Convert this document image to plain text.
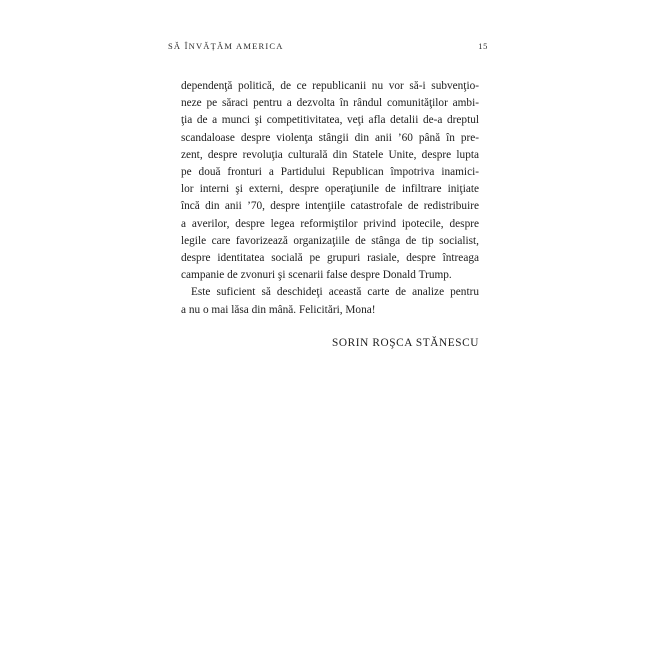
SĂ ÎNVĂȚĂM AMERICA	15
dependenţă politică, de ce republicanii nu vor să-i subvenţio-
neze pe săraci pentru a dezvolta în rândul comunităţilor ambi-
ţia de a munci şi competitivitatea, veţi afla detalii de-a dreptul
scandaloase despre violenţa stângii din anii ’60 până în pre-
zent, despre revoluţia culturală din Statele Unite, despre lupta
pe două fronturi a Partidului Republican împotriva inamici-
lor interni şi externi, despre operaţiunile de infiltrare iniţiate
încă din anii ’70, despre intenţiile catastrofale de redistribuire
a averilor, despre legea reformiştilor privind ipotecile, despre
legile care favorizează organizaţiile de stânga de tip socialist,
despre identitatea socială pe grupuri rasiale, despre întreaga
campanie de zvonuri şi scenarii false despre Donald Trump.
Este suficient să deschideţi această carte de analize pentru
a nu o mai lăsa din mână. Felicitări, Mona!
SORIN ROŞCA STĂNESCU
